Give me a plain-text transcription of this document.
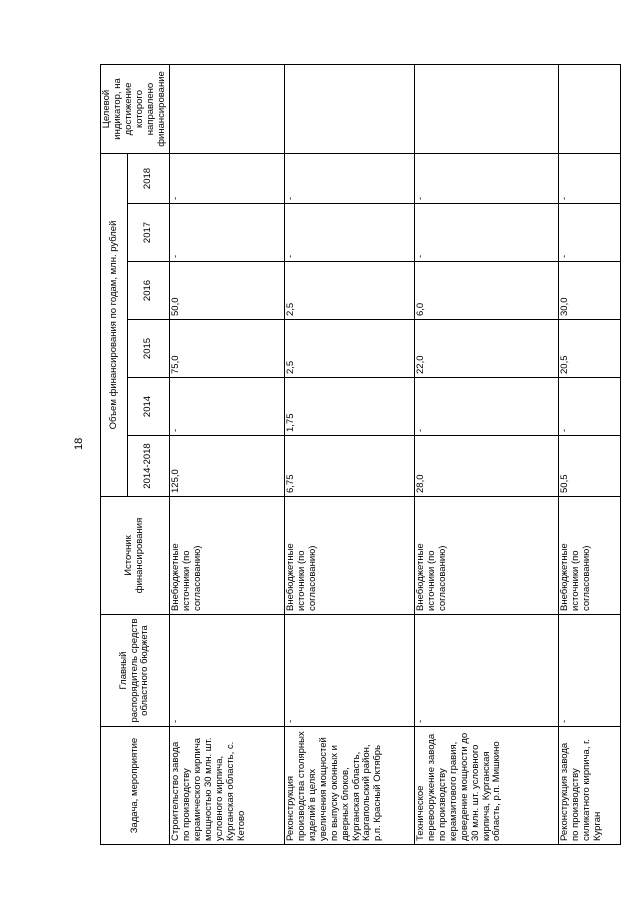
18
Задача, мероприятие	Главный распорядитель средств областного бюджета	Источник финансирования	Объем финансирования по годам, млн. рублей						Целевой индикатор, на достижение которого направлено финансирование
			2014-2018	2014	2015	2016	2017	2018	
Строительство завода по производству керамического кирпича мощностью 30 млн. шт. условного кирпича, Курганская область, с. Кетово	-	Внебюджетные источники (по согласованию)	125,0	-	75,0	50,0	-	-	
Реконструкция производства столярных изделий в целях увеличения мощностей по выпуску оконных и дверных блоков, Курганская область, Каргапольский район, р.п. Красный Октябрь	-	Внебюджетные источники (по согласованию)	6,75	1,75	2,5	2,5	-	-	
Техническое перевооружение завода по производству керамзитового гравия, доведение мощности до 30 млн. шт. условного кирпича, Курганская область, р.п. Мишкино	-	Внебюджетные источники (по согласованию)	28,0	-	22,0	6,0	-	-	
Реконструкция завода по производству силикатного кирпича, г. Курган	-	Внебюджетные источники (по согласованию)	50,5	-	20,5	30,0	-	-	
